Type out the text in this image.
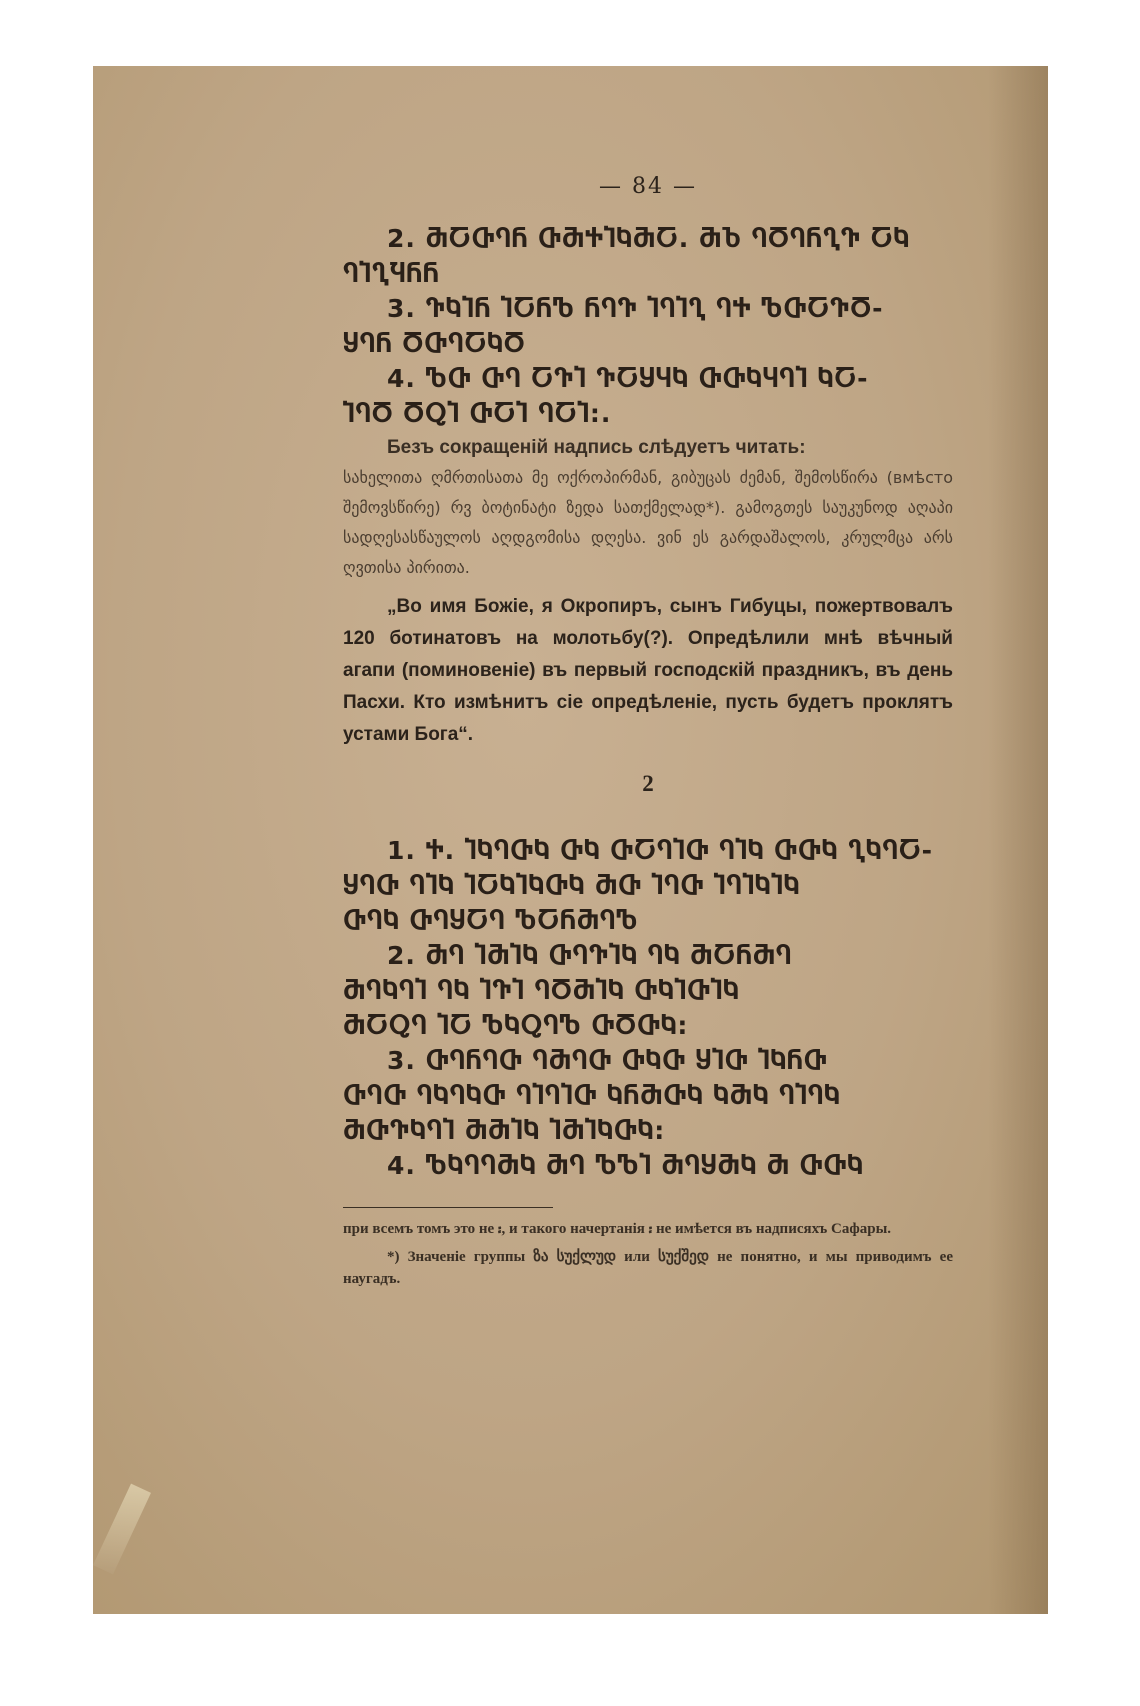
— 84 —

2. ႫႠႧႤႬ ႧႫႵႨႩႫႠ. ႫႦ ႤႣႤႬႢႥ ႠႩ

ႤႨႢႯႬႬ

3. ႥႩႨႬ ႨႠႬႪ ႬႤႥ ႨႤႨႢ ႤႵ ႪႧႠႥႣ-

ႸႤႬ ႣႧႤႠႩႣ

4. ႪႧ ႧႤ ႠႥႨ ႥႠႸႷႩ ႧႧႩႷႤႨ ႩႠ-

ႨႤႣ ႣႭႨ ႧႠႨ ႤႠႨ:.

Безъ сокращеній надпись слѣдуетъ читать:

სახელითა ღმრთისათა მე ოქროპირმან, გიბუცას ძემან, შემოსწირა (вмѣсто შემოვსწირე) რვ ბოტინატი ზედა სათქმელად*). გამოგთეს საუკუნოდ აღაპი სადღესასწაულოს აღდგომისა დღესა. ვინ ეს გარდაშალოს, კრულმცა არს ღვთისა პირითა.

„Во имя Божіе, я Окропиръ, сынъ Гибуцы, пожертвовалъ 120 ботинатовъ на молотьбу(?). Опредѣлили мнѣ вѣчный агапи (поминовеніе) въ первый господскій праздникъ, въ день Пасхи. Кто измѣнитъ сіе опредѣленіе, пусть будетъ проклятъ устами Бога“.

2

1. Ⴕ. ႨႩႤႧႩ ႧႩ ႧႠႤႨႧ ႤႨႩ ႧႧႩ ႢႩႤႠ-

ႸႤႧ ႤႨႩ ႨႠႩႨႩႧႩ ႫႧ ႨႤႧ ႨႤႨႩႨႩ

ႧႤႩ ႧႤႸႠႤ ႪႠႬႫႤႪ

2. ႫႤ ႨႫႨႩ ႧႤႥႨႩ ႤႩ ႫႠႬႫႤ

ႫႤႩႤႨ ႤႩ ႨႥႨ ႤႣႫႨႩ ႧႩႨႧႨႩ

ႫႠႭႤ ႨႠ ႪႩႭႤႪ ႧႣႧႩ:

3. ႧႤႬႤႧ ႤႫႤႧ ႧႩႧ ႸႨႧ ႨႩႬႧ

ႧႤႧ ႤႩႤႩႧ ႤႨႤႨႧ ႩႬႫႧႩ ႩႫႩ ႤႨႤႩ

ႫႧႥႩႤႨ ႫႫႨႩ ႨႫႨႩႧႩ:

4. ႪႩႤႤႫႩ ႫႤ ႪႪႨ ႫႤႸႫႩ Ⴋ ႧႧႩ

при всемъ томъ это не ᎓, и такого начертанія ᎓ не имѣется въ надписяхъ Сафары.

*) Значеніе группы ზა სუქლუდ или სუქშედ не понятно, и мы приводимъ ее наугадъ.
